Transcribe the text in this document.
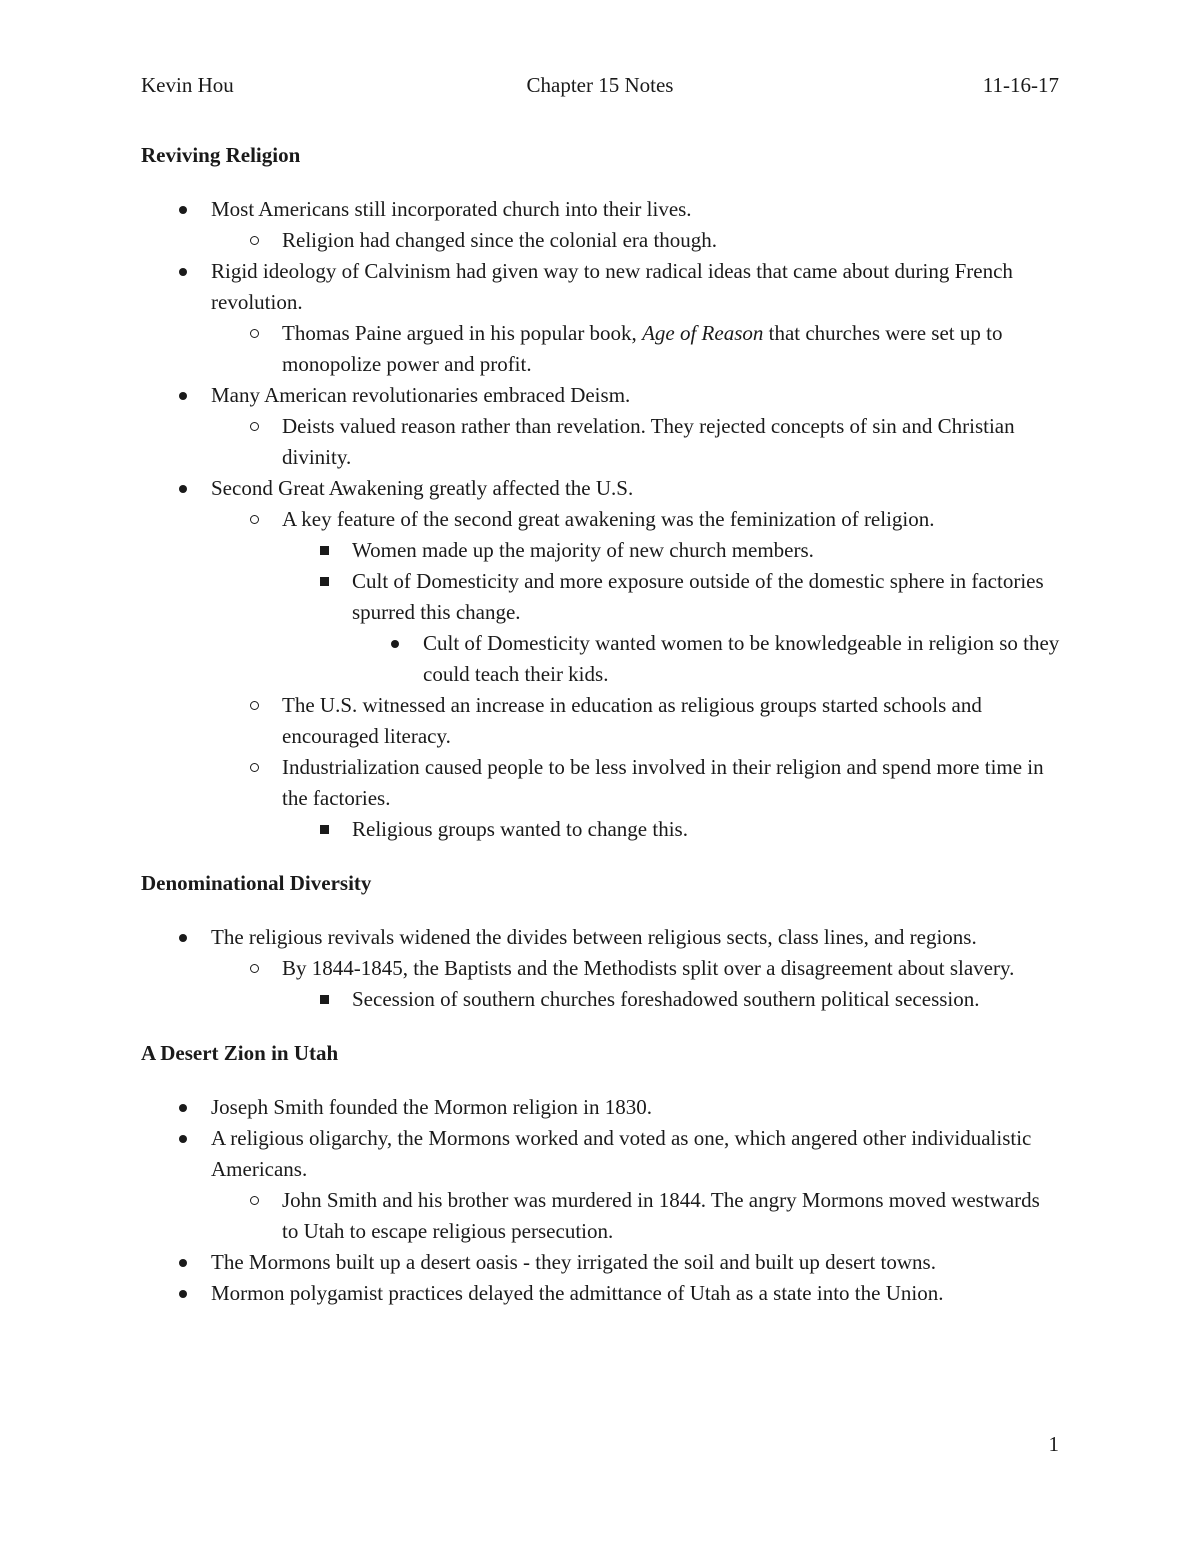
Kevin Hou	Chapter 15 Notes	11-16-17

Reviving Religion

Most Americans still incorporated church into their lives.
Religion had changed since the colonial era though.
Rigid ideology of Calvinism had given way to new radical ideas that came about during French revolution.
Thomas Paine argued in his popular book, Age of Reason that churches were set up to monopolize power and profit.
Many American revolutionaries embraced Deism.
Deists valued reason rather than revelation. They rejected concepts of sin and Christian divinity.
Second Great Awakening greatly affected the U.S.
A key feature of the second great awakening was the feminization of religion.
Women made up the majority of new church members.
Cult of Domesticity and more exposure outside of the domestic sphere in factories spurred this change.
Cult of Domesticity wanted women to be knowledgeable in religion so they could teach their kids.
The U.S. witnessed an increase in education as religious groups started schools and encouraged literacy.
Industrialization caused people to be less involved in their religion and spend more time in the factories.
Religious groups wanted to change this.

Denominational Diversity

The religious revivals widened the divides between religious sects, class lines, and regions.
By 1844-1845, the Baptists and the Methodists split over a disagreement about slavery.
Secession of southern churches foreshadowed southern political secession.

A Desert Zion in Utah

Joseph Smith founded the Mormon religion in 1830.
A religious oligarchy, the Mormons worked and voted as one, which angered other individualistic Americans.
John Smith and his brother was murdered in 1844. The angry Mormons moved westwards to Utah to escape religious persecution.
The Mormons built up a desert oasis - they irrigated the soil and built up desert towns.
Mormon polygamist practices delayed the admittance of Utah as a state into the Union.
1
